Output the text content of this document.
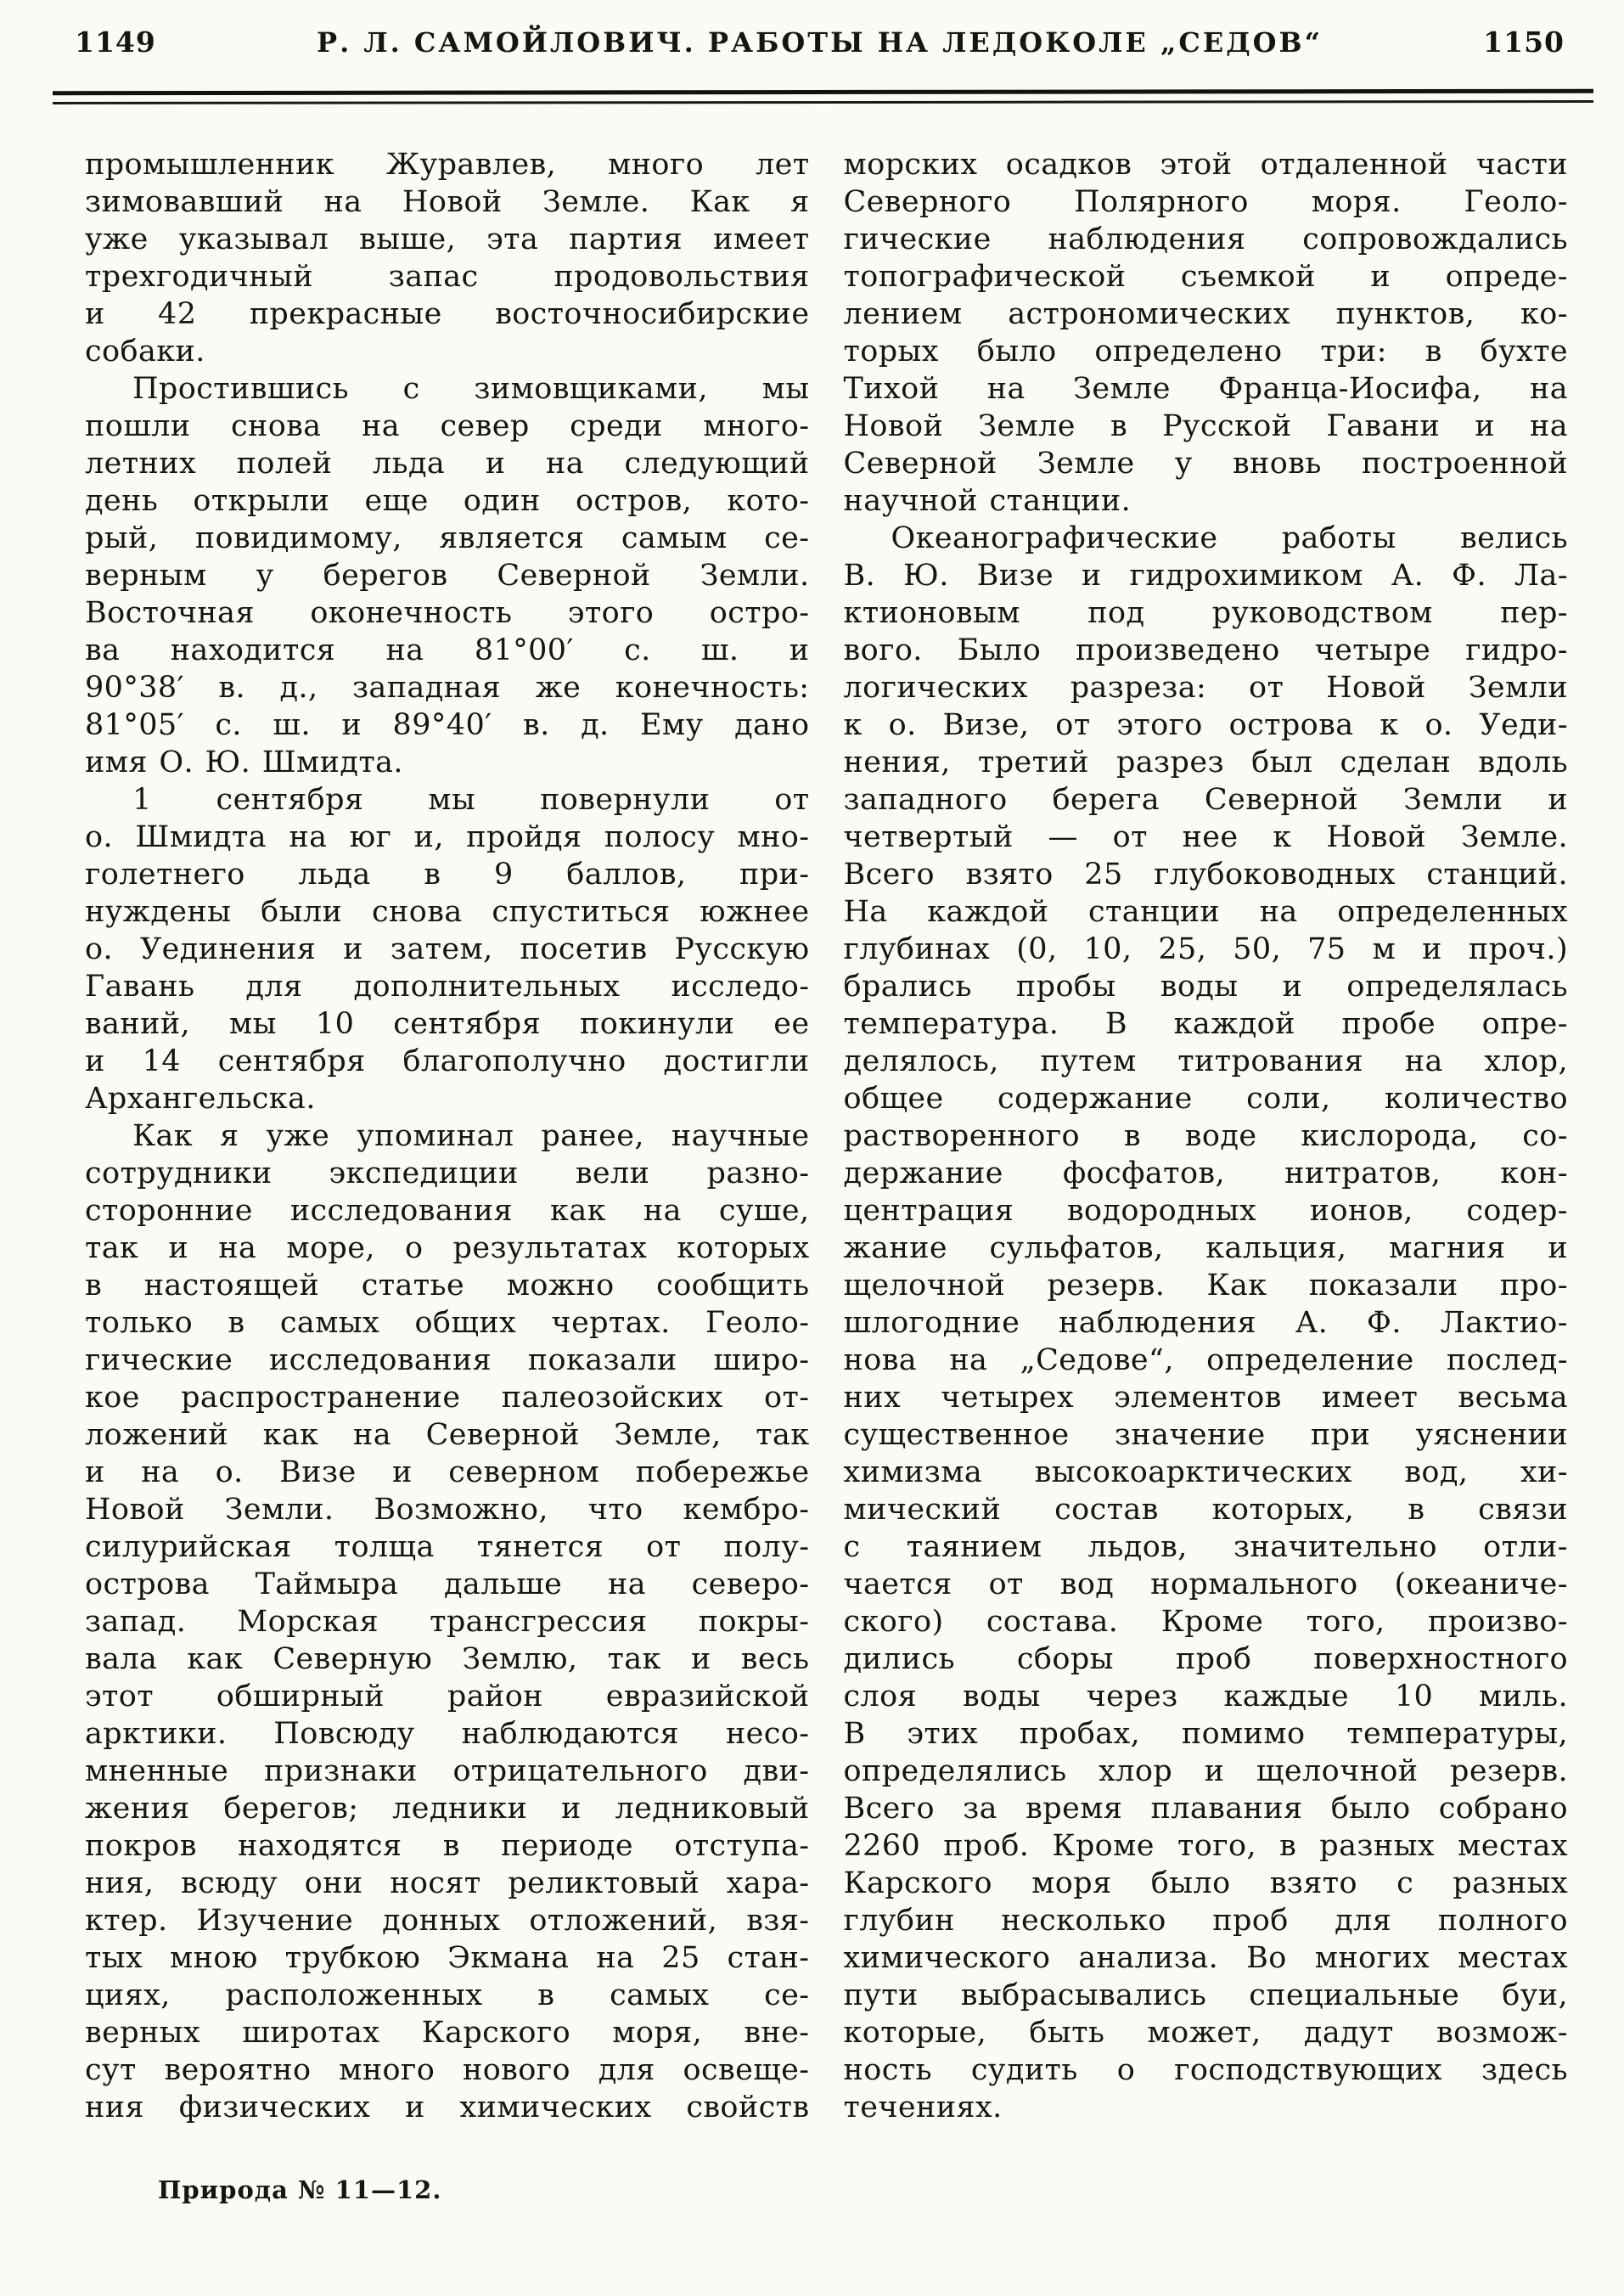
1149	Р. Л. САМОЙЛОВИЧ. РАБОТЫ НА ЛЕДОКОЛЕ „СЕДОВ“	1150
промышленник Журавлев, много лет
зимовавший на Новой Земле. Как я
уже указывал выше, эта партия имеет
трехгодичный запас продовольствия
и 42 прекрасные восточносибирские
собаки.
Простившись с зимовщиками, мы
пошли снова на север среди много-
летних полей льда и на следующий
день открыли еще один остров, кото-
рый, повидимому, является самым се-
верным у берегов Северной Земли.
Восточная оконечность этого остро-
ва находится на 81°00′ с. ш. и
90°38′ в. д., западная же конечность:
81°05′ с. ш. и 89°40′ в. д. Ему дано
имя О. Ю. Шмидта.
1 сентября мы повернули от
о. Шмидта на юг и, пройдя полосу мно-
голетнего льда в 9 баллов, при-
нуждены были снова спуститься южнее
о. Уединения и затем, посетив Русскую
Гавань для дополнительных исследо-
ваний, мы 10 сентября покинули ее
и 14 сентября благополучно достигли
Архангельска.
Как я уже упоминал ранее, научные
сотрудники экспедиции вели разно-
сторонние исследования как на суше,
так и на море, о результатах которых
в настоящей статье можно сообщить
только в самых общих чертах. Геоло-
гические исследования показали широ-
кое распространение палеозойских от-
ложений как на Северной Земле, так
и на о. Визе и северном побережье
Новой Земли. Возможно, что кембро-
силурийская толща тянется от полу-
острова Таймыра дальше на северо-
запад. Морская трансгрессия покры-
вала как Северную Землю, так и весь
этот обширный район евразийской
арктики. Повсюду наблюдаются несо-
мненные признаки отрицательного дви-
жения берегов; ледники и ледниковый
покров находятся в периоде отступа-
ния, всюду они носят реликтовый хара-
ктер. Изучение донных отложений, взя-
тых мною трубкою Экмана на 25 стан-
циях, расположенных в самых се-
верных широтах Карского моря, вне-
сут вероятно много нового для освеще-
ния физических и химических свойств
морских осадков этой отдаленной части
Северного Полярного моря. Геоло-
гические наблюдения сопровождались
топографической съемкой и опреде-
лением астрономических пунктов, ко-
торых было определено три: в бухте
Тихой на Земле Франца-Иосифа, на
Новой Земле в Русской Гавани и на
Северной Земле у вновь построенной
научной станции.
Океанографические работы велись
В. Ю. Визе и гидрохимиком А. Ф. Ла-
ктионовым под руководством пер-
вого. Было произведено четыре гидро-
логических разреза: от Новой Земли
к о. Визе, от этого острова к о. Уеди-
нения, третий разрез был сделан вдоль
западного берега Северной Земли и
четвертый — от нее к Новой Земле.
Всего взято 25 глубоководных станций.
На каждой станции на определенных
глубинах (0, 10, 25, 50, 75 м и проч.)
брались пробы воды и определялась
температура. В каждой пробе опре-
делялось, путем титрования на хлор,
общее содержание соли, количество
растворенного в воде кислорода, со-
держание фосфатов, нитратов, кон-
центрация водородных ионов, содер-
жание сульфатов, кальция, магния и
щелочной резерв. Как показали про-
шлогодние наблюдения А. Ф. Лактио-
нова на „Седове“, определение послед-
них четырех элементов имеет весьма
существенное значение при уяснении
химизма высокоарктических вод, хи-
мический состав которых, в связи
с таянием льдов, значительно отли-
чается от вод нормального (океаниче-
ского) состава. Кроме того, произво-
дились сборы проб поверхностного
слоя воды через каждые 10 миль.
В этих пробах, помимо температуры,
определялись хлор и щелочной резерв.
Всего за время плавания было собрано
2260 проб. Кроме того, в разных местах
Карского моря было взято с разных
глубин несколько проб для полного
химического анализа. Во многих местах
пути выбрасывались специальные буи,
которые, быть может, дадут возмож-
ность судить о господствующих здесь
течениях.
Природа № 11—12.
